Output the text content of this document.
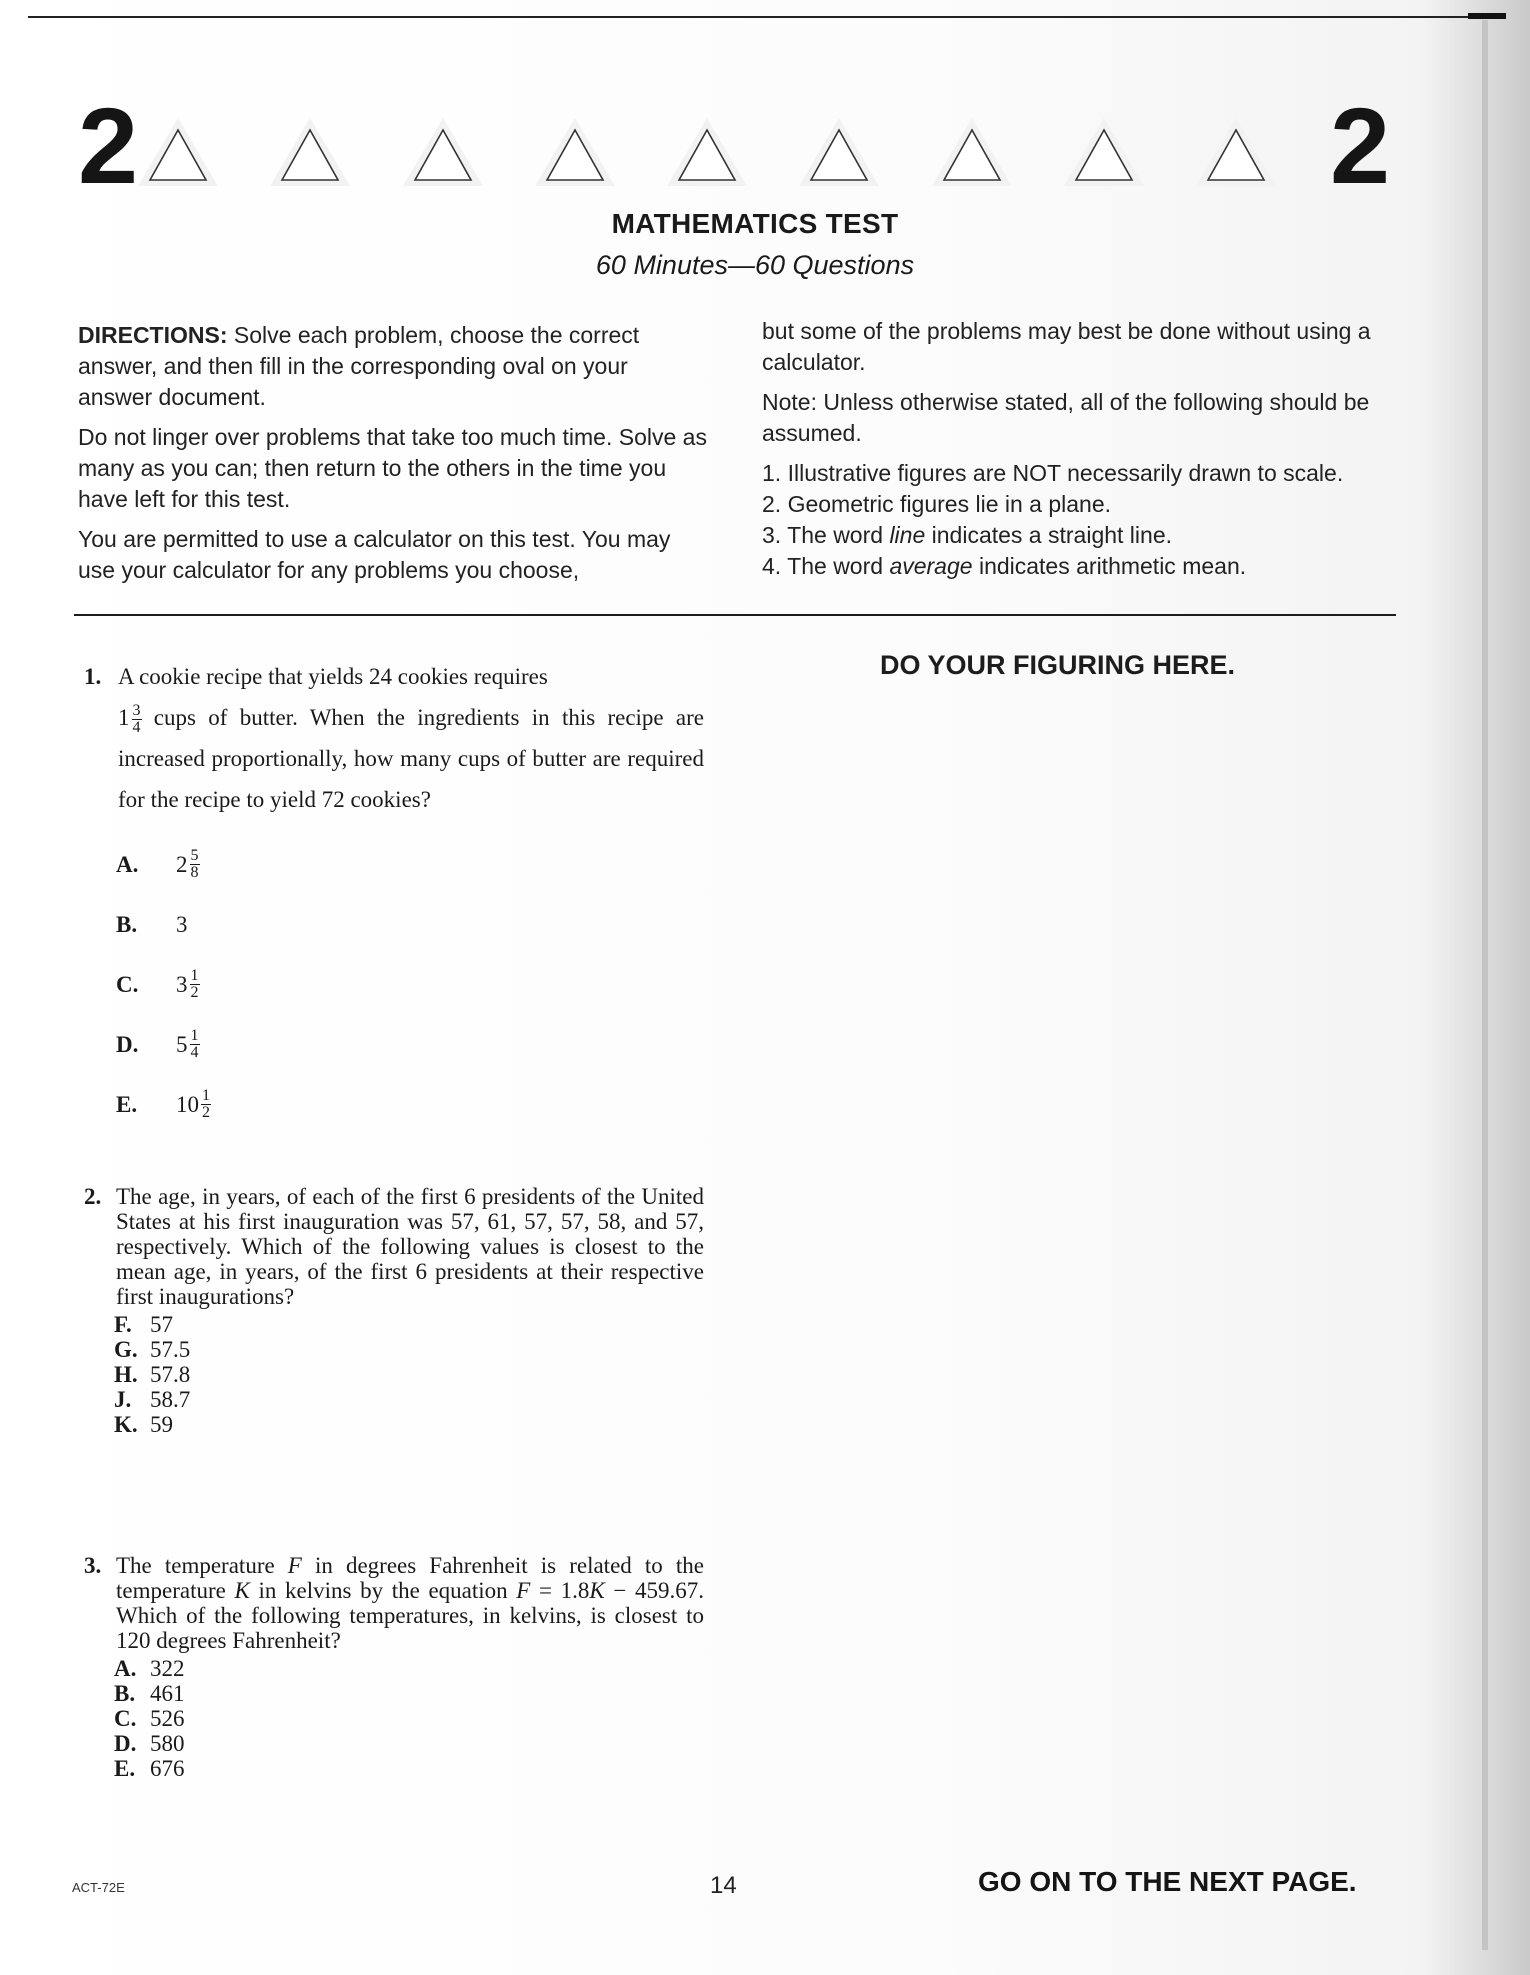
2	2
MATHEMATICS TEST
60 Minutes—60 Questions

DIRECTIONS: Solve each problem, choose the correct answer, and then fill in the corresponding oval on your answer document.

Do not linger over problems that take too much time. Solve as many as you can; then return to the others in the time you have left for this test.

You are permitted to use a calculator on this test. You may use your calculator for any problems you choose,

but some of the problems may best be done without using a calculator.

Note: Unless otherwise stated, all of the following should be assumed.

1. Illustrative figures are NOT necessarily drawn to scale.
2. Geometric figures lie in a plane.
3. The word line indicates a straight line.
4. The word average indicates arithmetic mean.
DO YOUR FIGURING HERE.
1. A cookie recipe that yields 24 cookies requires
$1 \frac{3}{4}$ cups of butter. When the ingredients in this recipe are increased proportionally, how many cups of butter are required for the recipe to yield 72 cookies?
A.	$2 \frac{5}{8}$
B.	3
C.	$3 \frac{1}{2}$
D.	$5 \frac{1}{4}$
E.	$10 \frac{1}{2}$
2. The age, in years, of each of the first 6 presidents of the United States at his first inauguration was 57, 61, 57, 57, 58, and 57, respectively. Which of the following values is closest to the mean age, in years, of the first 6 presidents at their respective first inaugurations?
F. 57
G. 57.5
H. 57.8
J. 58.7
K. 59
3. The temperature F in degrees Fahrenheit is related to the temperature K in kelvins by the equation F = 1.8K − 459.67. Which of the following temperatures, in kelvins, is closest to 120 degrees Fahrenheit?
A. 322
B. 461
C. 526
D. 580
E. 676
ACT-72E	14	GO ON TO THE NEXT PAGE.
